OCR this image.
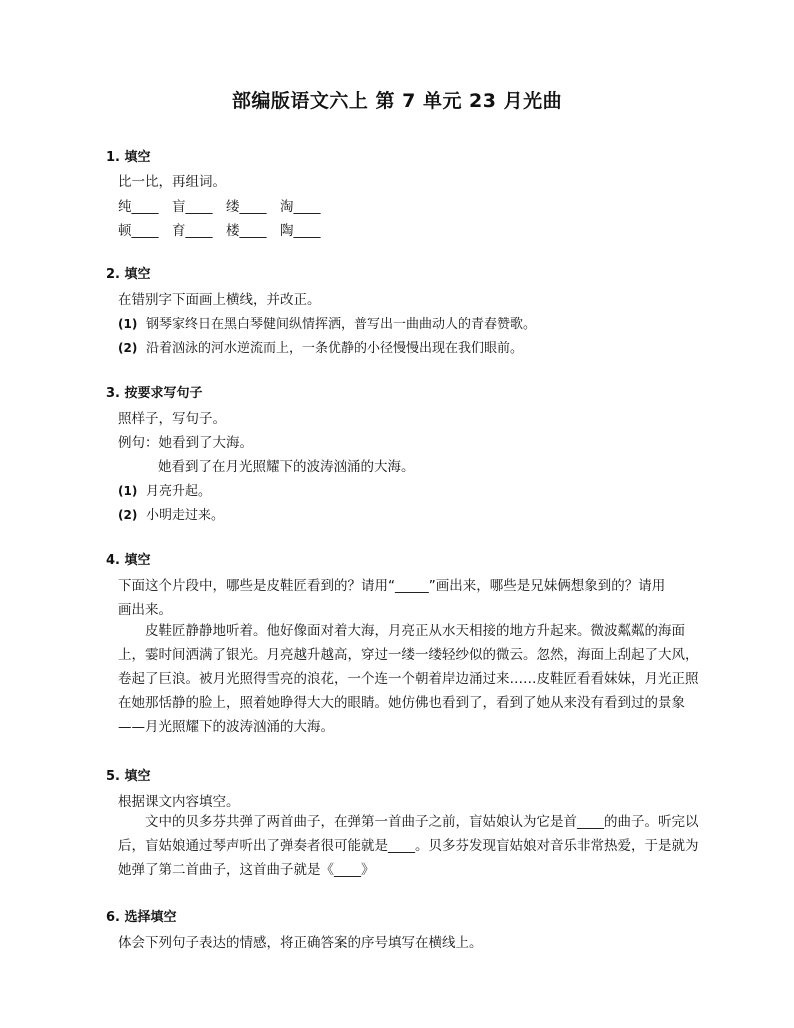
部编版语文六上 第 7 单元 23 月光曲
1. 填空
比一比，再组词。
纯____ 盲____ 缕____ 淘____
顿____ 育____ 楼____ 陶____
2. 填空
在错别字下面画上横线，并改正。
(1) 钢琴家终日在黑白琴健间纵情挥洒，普写出一曲曲动人的青春赞歌。
(2) 沿着汹泳的河水逆流而上，一条优静的小径慢慢出现在我们眼前。
3. 按要求写句子
照样子，写句子。
例句：她看到了大海。
她看到了在月光照耀下的波涛汹涌的大海。
(1) 月亮升起。
(2) 小明走过来。
4. 填空
下面这个片段中，哪些是皮鞋匠看到的？请用“_____”画出来，哪些是兄妹俩想象到的？请用
画出来。
皮鞋匠静静地听着。他好像面对着大海，月亮正从水天相接的地方升起来。微波粼粼的海面上，霎时间洒满了银光。月亮越升越高，穿过一缕一缕轻纱似的微云。忽然，海面上刮起了大风，卷起了巨浪。被月光照得雪亮的浪花，一个连一个朝着岸边涌过来……皮鞋匠看看妹妹，月光正照在她那恬静的脸上，照着她睁得大大的眼睛。她仿佛也看到了，看到了她从来没有看到过的景象——月光照耀下的波涛汹涌的大海。
5. 填空
根据课文内容填空。
文中的贝多芬共弹了两首曲子，在弹第一首曲子之前，盲姑娘认为它是首____的曲子。听完以后，盲姑娘通过琴声听出了弹奏者很可能就是____。贝多芬发现盲姑娘对音乐非常热爱，于是就为她弹了第二首曲子，这首曲子就是《____》
6. 选择填空
体会下列句子表达的情感，将正确答案的序号填写在横线上。
